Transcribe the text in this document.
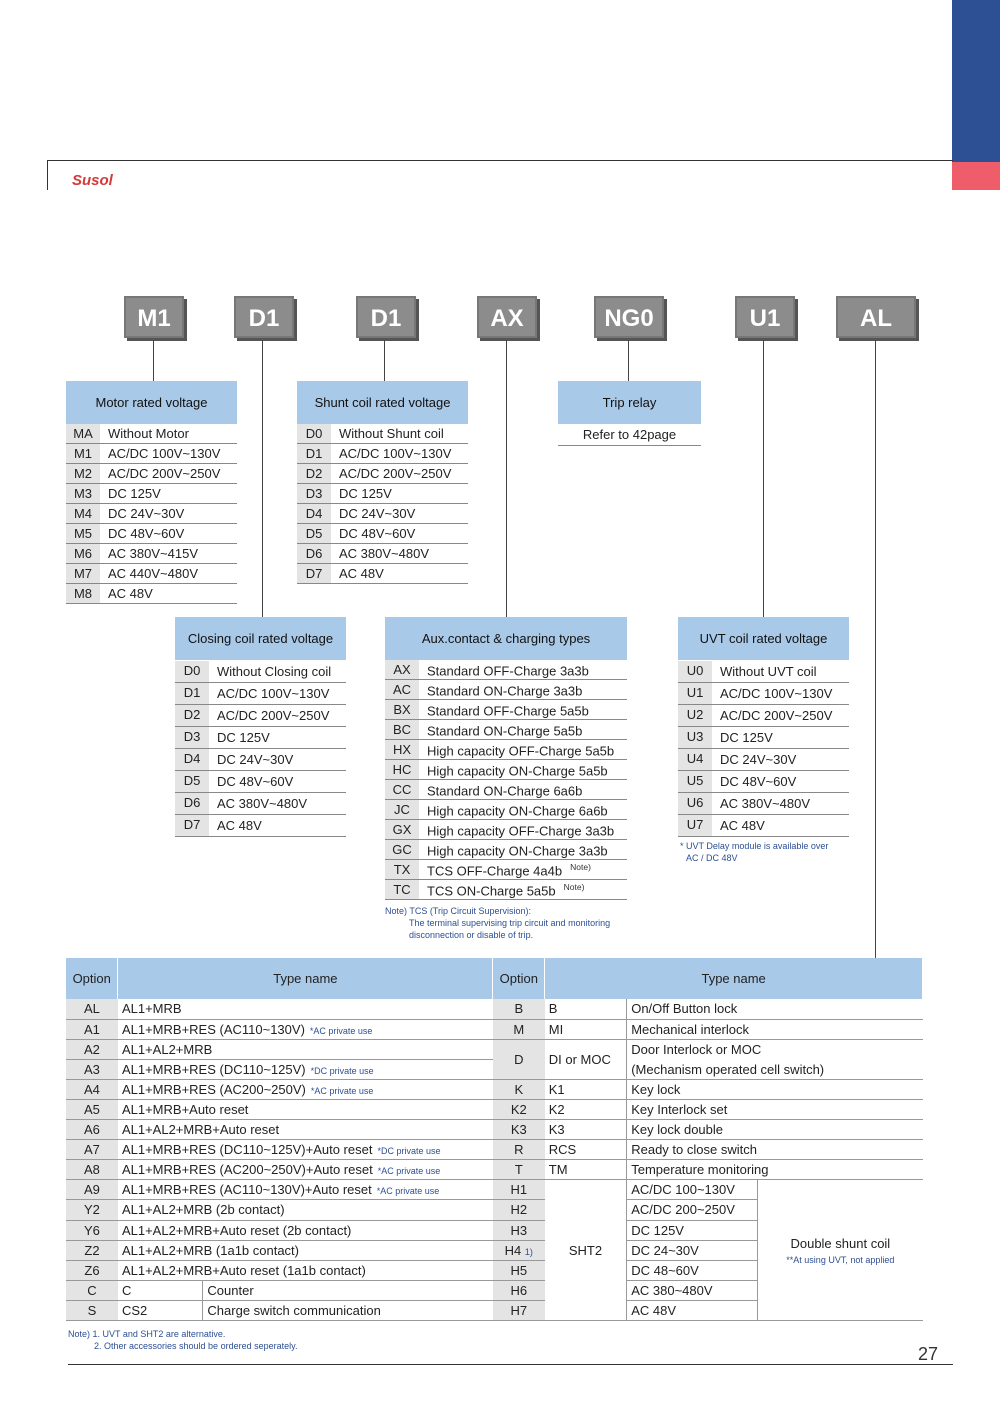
Susol
M1	D1	D1	AX	NG0	U1	AL
Motor rated voltage
MA	Without Motor
M1	AC/DC 100V~130V
M2	AC/DC 200V~250V
M3	DC 125V
M4	DC 24V~30V
M5	DC 48V~60V
M6	AC 380V~415V
M7	AC 440V~480V
M8	AC 48V
Shunt coil rated voltage
D0	Without Shunt coil
D1	AC/DC 100V~130V
D2	AC/DC 200V~250V
D3	DC 125V
D4	DC 24V~30V
D5	DC 48V~60V
D6	AC 380V~480V
D7	AC 48V
Trip relay
Refer to 42page
Closing coil rated voltage
D0	Without Closing coil
D1	AC/DC 100V~130V
D2	AC/DC 200V~250V
D3	DC 125V
D4	DC 24V~30V
D5	DC 48V~60V
D6	AC 380V~480V
D7	AC 48V
Aux.contact & charging types
AX	Standard OFF-Charge 3a3b
AC	Standard ON-Charge 3a3b
BX	Standard OFF-Charge 5a5b
BC	Standard ON-Charge 5a5b
HX	High capacity OFF-Charge 5a5b
HC	High capacity ON-Charge 5a5b
CC	Standard ON-Charge 6a6b
JC	High capacity ON-Charge 6a6b
GX	High capacity OFF-Charge 3a3b
GC	High capacity ON-Charge 3a3b
TX	TCS OFF-Charge 4a4b $^{Note)}$
TC	TCS ON-Charge 5a5b $^{Note)}$
Note) TCS (Trip Circuit Supervision):
The terminal supervising trip circuit and monitoring
disconnection or disable of trip.
UVT coil rated voltage
U0	Without UVT coil
U1	AC/DC 100V~130V
U2	AC/DC 200V~250V
U3	DC 125V
U4	DC 24V~30V
U5	DC 48V~60V
U6	AC 380V~480V
U7	AC 48V
* UVT Delay module is available over
AC / DC 48V
Option	Type name		Option	Type name		
AL	AL1+MRB		B	B	On/Off Button lock	
A1	AL1+MRB+RES (AC110~130V) *AC private use		M	MI	Mechanical interlock	
A2	AL1+AL2+MRB		D	DI or MOC	Door Interlock or MOC	
A3	AL1+MRB+RES (DC110~125V) *DC private use				(Mechanism operated cell switch)	
A4	AL1+MRB+RES (AC200~250V) *AC private use		K	K1	Key lock	
A5	AL1+MRB+Auto reset		K2	K2	Key Interlock set	
A6	AL1+AL2+MRB+Auto reset		K3	K3	Key lock double	
A7	AL1+MRB+RES (DC110~125V)+Auto reset *DC private use		R	RCS	Ready to close switch	
A8	AL1+MRB+RES (AC200~250V)+Auto reset *AC private use		T	TM	Temperature monitoring	
A9	AL1+MRB+RES (AC110~130V)+Auto reset *AC private use		H1	SHT2	AC/DC 100~130V	Double shunt coil
**At using UVT, not applied

Y2	AL1+AL2+MRB (2b contact)		H2		AC/DC 200~250V	
Y6	AL1+AL2+MRB+Auto reset (2b contact)		H3		DC 125V	
Z2	AL1+AL2+MRB (1a1b contact)		H4 1)		DC 24~30V	
Z6	AL1+AL2+MRB+Auto reset (1a1b contact)		H5		DC 48~60V	
C	C	Counter	H6		AC 380~480V	
S	CS2	Charge switch communication	H7		AC 48V	
Note) 1. UVT and SHT2 are alternative.
2. Other accessories should be ordered seperately.	27
